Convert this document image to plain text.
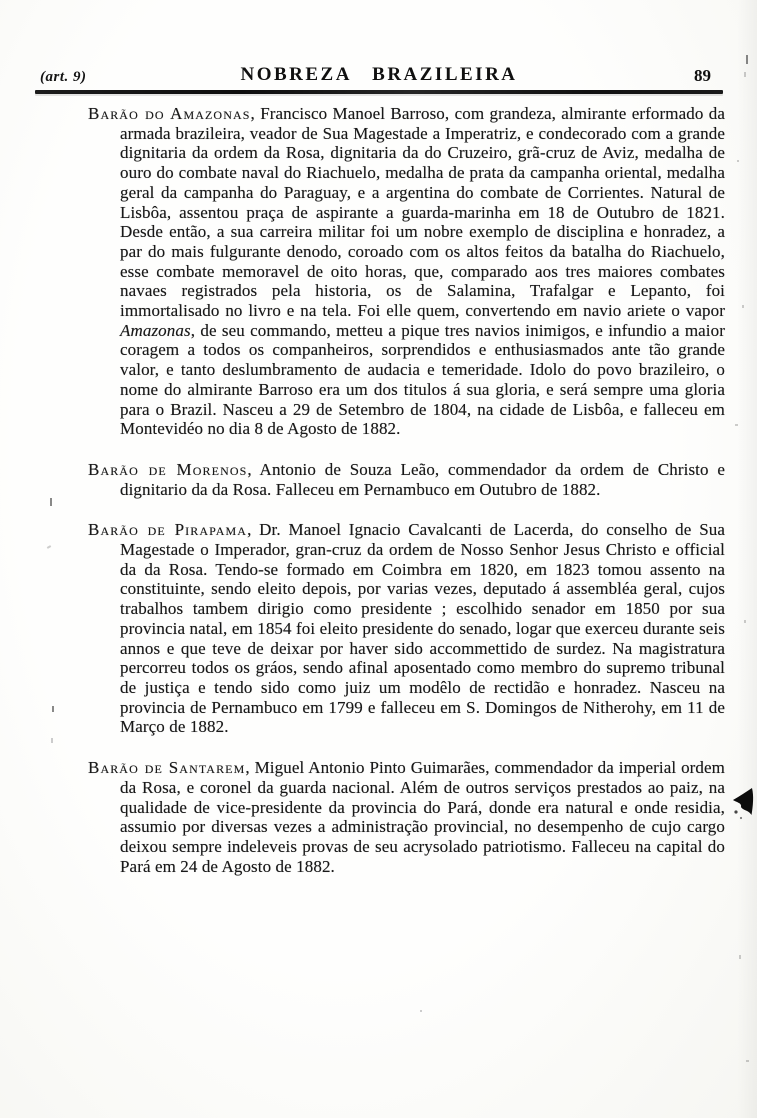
(art. 9)	NOBREZA BRAZILEIRA	89

Barão do Amazonas, Francisco Manoel Barroso, com grandeza, almirante erformado da armada brazileira, veador de Sua Magestade a Imperatriz, e condecorado com a grande dignitaria da ordem da Rosa, dignitaria da do Cruzeiro, grã-cruz de Aviz, medalha de ouro do combate naval do Riachuelo, medalha de prata da campanha oriental, medalha geral da campanha do Paraguay, e a argentina do combate de Corrientes. Natural de Lisbôa, assentou praça de aspirante a guarda-marinha em 18 de Outubro de 1821. Desde então, a sua carreira militar foi um nobre exemplo de disciplina e honradez, a par do mais fulgurante denodo, coroado com os altos feitos da batalha do Riachuelo, esse combate memoravel de oito horas, que, comparado aos tres maiores combates navaes registrados pela historia, os de Salamina, Trafalgar e Lepanto, foi immortalisado no livro e na tela. Foi elle quem, convertendo em navio ariete o vapor Amazonas, de seu commando, metteu a pique tres navios inimigos, e infundio a maior coragem a todos os companheiros, sorprendidos e enthusiasmados ante tão grande valor, e tanto deslumbramento de audacia e temeridade. Idolo do povo brazileiro, o nome do almirante Barroso era um dos titulos á sua gloria, e será sempre uma gloria para o Brazil. Nasceu a 29 de Setembro de 1804, na cidade de Lisbôa, e falleceu em Montevidéo no dia 8 de Agosto de 1882.

Barão de Morenos, Antonio de Souza Leão, commendador da ordem de Christo e dignitario da da Rosa. Falleceu em Pernambuco em Outubro de 1882.

Barão de Pirapama, Dr. Manoel Ignacio Cavalcanti de Lacerda, do conselho de Sua Magestade o Imperador, gran-cruz da ordem de Nosso Senhor Jesus Christo e official da da Rosa. Tendo-se formado em Coimbra em 1820, em 1823 tomou assento na constituinte, sendo eleito depois, por varias vezes, deputado á assembléa geral, cujos trabalhos tambem dirigio como presidente ; escolhido senador em 1850 por sua provincia natal, em 1854 foi eleito presidente do senado, logar que exerceu durante seis annos e que teve de deixar por haver sido accommettido de surdez. Na magistratura percorreu todos os gráos, sendo afinal aposentado como membro do supremo tribunal de justiça e tendo sido como juiz um modêlo de rectidão e honradez. Nasceu na provincia de Pernambuco em 1799 e falleceu em S. Domingos de Nitherohy, em 11 de Março de 1882.

Barão de Santarem, Miguel Antonio Pinto Guimarães, commendador da imperial ordem da Rosa, e coronel da guarda nacional. Além de outros serviços prestados ao paiz, na qualidade de vice-presidente da provincia do Pará, donde era natural e onde residia, assumio por diversas vezes a administração provincial, no desempenho de cujo cargo deixou sempre indeleveis provas de seu acrysolado patriotismo. Falleceu na capital do Pará em 24 de Agosto de 1882.
